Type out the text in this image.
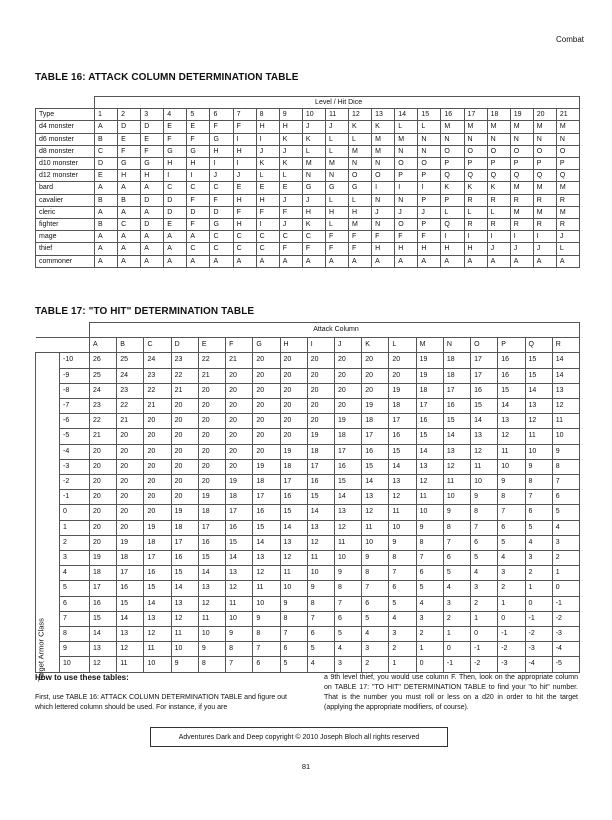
Combat
TABLE 16: ATTACK COLUMN DETERMINATION TABLE
	Level / Hit Dice																				
Type	1	2	3	4	5	6	7	8	9	10	11	12	13	14	15	16	17	18	19	20	21
d4 monster	A	D	D	E	E	F	F	H	H	J	J	K	K	L	L	M	M	M	M	M	M
d6 monster	B	E	E	F	F	G	I	I	K	K	L	L	M	M	N	N	N	N	N	N	N
d8 monster	C	F	F	G	G	H	H	J	J	L	L	M	M	N	N	O	O	O	O	O	O
d10 monster	D	G	G	H	H	I	I	K	K	M	M	N	N	O	O	P	P	P	P	P	P
d12 monster	E	H	H	I	I	J	J	L	L	N	N	O	O	P	P	Q	Q	Q	Q	Q	Q
bard	A	A	A	C	C	C	E	E	E	G	G	G	I	I	I	K	K	K	M	M	M
cavalier	B	B	D	D	F	F	H	H	J	J	L	L	N	N	P	P	R	R	R	R	R
cleric	A	A	A	D	D	D	F	F	F	H	H	H	J	J	J	L	L	L	M	M	M
fighter	B	C	D	E	F	G	H	I	J	K	L	M	N	O	P	Q	R	R	R	R	R
mage	A	A	A	A	A	C	C	C	C	C	F	F	F	F	F	I	I	I	I	I	J
thief	A	A	A	A	C	C	C	C	F	F	F	F	H	H	H	H	H	J	J	J	L
commoner	A	A	A	A	A	A	A	A	A	A	A	A	A	A	A	A	A	A	A	A	A
TABLE 17: "TO HIT" DETERMINATION TABLE
		Attack Column																	
		A	B	C	D	E	F	G	H	I	J	K	L	M	N	O	P	Q	R
	-10	26	25	24	23	22	21	20	20	20	20	20	20	19	18	17	16	15	14
	-9	25	24	23	22	21	20	20	20	20	20	20	20	19	18	17	16	15	14
	-8	24	23	22	21	20	20	20	20	20	20	20	19	18	17	16	15	14	13
	-7	23	22	21	20	20	20	20	20	20	20	19	18	17	16	15	14	13	12
	-6	22	21	20	20	20	20	20	20	20	19	18	17	16	15	14	13	12	11
	-5	21	20	20	20	20	20	20	20	19	18	17	16	15	14	13	12	11	10
	-4	20	20	20	20	20	20	20	19	18	17	16	15	14	13	12	11	10	9
	-3	20	20	20	20	20	20	19	18	17	16	15	14	13	12	11	10	9	8
	-2	20	20	20	20	20	19	18	17	16	15	14	13	12	11	10	9	8	7
	-1	20	20	20	20	19	18	17	16	15	14	13	12	11	10	9	8	7	6
	0	20	20	20	19	18	17	16	15	14	13	12	11	10	9	8	7	6	5
	1	20	20	19	18	17	16	15	14	13	12	11	10	9	8	7	6	5	4
	2	20	19	18	17	16	15	14	13	12	11	10	9	8	7	6	5	4	3
	3	19	18	17	16	15	14	13	12	11	10	9	8	7	6	5	4	3	2
	4	18	17	16	15	14	13	12	11	10	9	8	7	6	5	4	3	2	1
	5	17	16	15	14	13	12	11	10	9	8	7	6	5	4	3	2	1	0
	6	16	15	14	13	12	11	10	9	8	7	6	5	4	3	2	1	0	-1
	7	15	14	13	12	11	10	9	8	7	6	5	4	3	2	1	0	-1	-2
	8	14	13	12	11	10	9	8	7	6	5	4	3	2	1	0	-1	-2	-3
	9	13	12	11	10	9	8	7	6	5	4	3	2	1	0	-1	-2	-3	-4
	10	12	11	10	9	8	7	6	5	4	3	2	1	0	-1	-2	-3	-4	-5
Target Armor Class
How to use these tables:
First, use TABLE 16: ATTACK COLUMN DETERMINATION TABLE and figure out which lettered column should be used. For instance, if you are
a 9th level thief, you would use column F. Then, look on the appropriate column on TABLE 17: "TO HIT" DETERMINATION TABLE to find your "to hit" number. That is the number you must roll or less on a d20 in order to hit the target (applying the appropriate modifiers, of course).
Adventures Dark and Deep copyright © 2010 Joseph Bloch all rights reserved
81
